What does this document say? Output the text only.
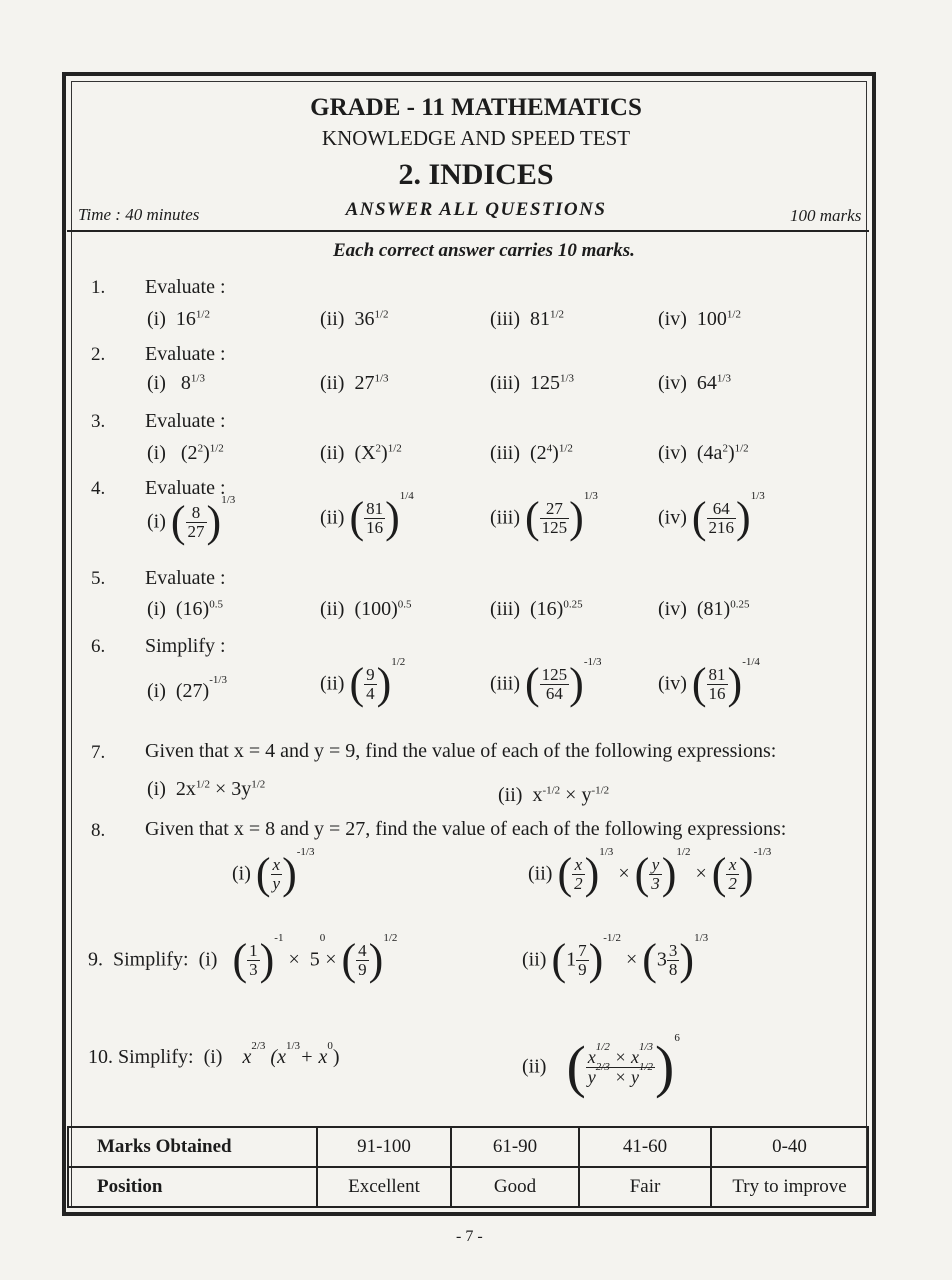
GRADE - 11 MATHEMATICS
KNOWLEDGE AND SPEED TEST
2. INDICES
Time : 40 minutes	ANSWER ALL QUESTIONS	100 marks
Each correct answer carries 10 marks.
1. Evaluate :
(i) $16^{1/2}$	(ii) $36^{1/2}$	(iii) $81^{1/2}$	(iv) $100^{1/2}$
2. Evaluate :
(i) $8^{1/3}$	(ii) $27^{1/3}$	(iii) $125^{1/3}$	(iv) $64^{1/3}$
3. Evaluate :
(i) $(2^2)^{1/2}$	(ii) $(X^2)^{1/2}$	(iii) $(2^4)^{1/2}$	(iv) $(4a^2)^{1/2}$
4. Evaluate :
(i) ( $\frac{8}{27} )^{1/3}$
(ii) ( $\frac{81}{16} )^{1/4}$
(iii) ( $\frac{27}{125} )^{1/3}$
(iv) ( $\frac{64}{216} )^{1/3}$
5. Evaluate :
(i) $(16)^{0.5}$	(ii) $(100)^{0.5}$	(iii) $(16)^{0.25}$	(iv) $(81)^{0.25}$
6. Simplify :
(i) $(27)^{-1/3}$	(ii) ( $\frac{9}{4} )^{1/2}$
(iii) ( $\frac{125}{64} )^{-1/3}$
(iv) ( $\frac{81}{16} )^{-1/4}$
7. Given that x = 4 and y = 9, find the value of each of the following expressions:
(i) $2x^{1/2} \times 3y^{1/2}$	(ii) $x^{-1/2} \times y^{-1/2}$
8. Given that x = 8 and y = 27, find the value of each of the following expressions:
(i) ( $\frac{x}{y} )^{-1/3}$
(ii) ( $\frac{x}{2} )^{1/3}$ × ( $\frac{y}{3} )^{1/2}$ × ( $\frac{x}{2} )^{-1/3}$
9. Simplify: (i) ( $\frac{1}{3} )^{-1} \times 5^0\times$ ( $\frac{4}{9} )^{1/2}$
(ii) $(1 \frac{7}{9} )^{-1/2} \times (3 \frac{3}{8} )^{1/3}$
10. Simplify: (i) $x^{2/3}$ $(x^{1/3}+ x^0)$	(ii) ( $\frac{x^{1/2} \times x^{1/3}}{y^{2/3} \times y^{1/2}} )^6$
Marks Obtained	91-100	61-90	41-60	0-40
Position	Excellent	Good	Fair	Try to improve
- 7 -
